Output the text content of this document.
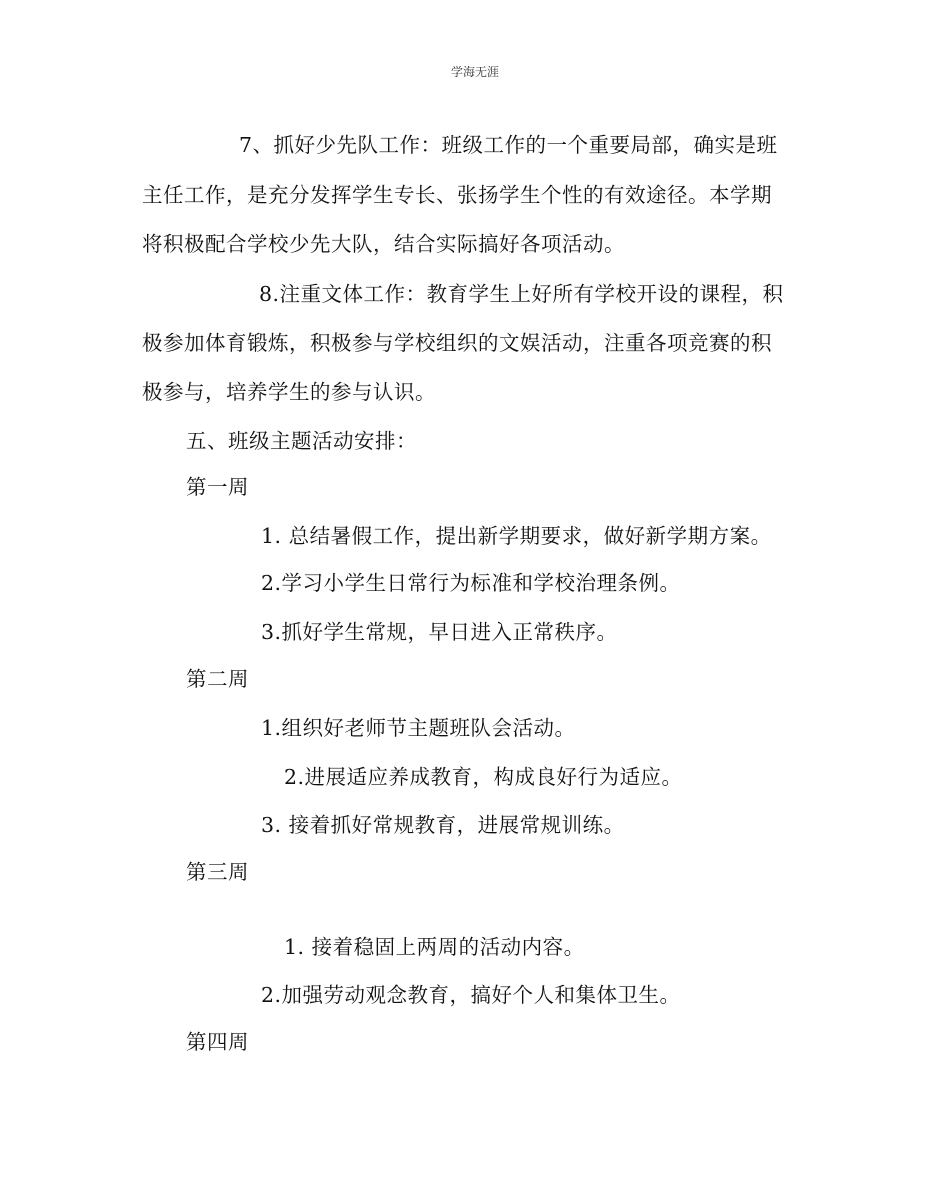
学海无涯
7、抓好少先队工作：班级工作的一个重要局部，确实是班
主任工作，是充分发挥学生专长、张扬学生个性的有效途径。本学期
将积极配合学校少先大队，结合实际搞好各项活动。
8.注重文体工作：教育学生上好所有学校开设的课程，积
极参加体育锻炼，积极参与学校组织的文娱活动，注重各项竞赛的积
极参与，培养学生的参与认识。
五、班级主题活动安排：
第一周
1. 总结暑假工作，提出新学期要求，做好新学期方案。
2.学习小学生日常行为标准和学校治理条例。
3.抓好学生常规，早日进入正常秩序。
第二周
1.组织好老师节主题班队会活动。
2.进展适应养成教育，构成良好行为适应。
3. 接着抓好常规教育，进展常规训练。
第三周
1. 接着稳固上两周的活动内容。
2.加强劳动观念教育，搞好个人和集体卫生。
第四周
